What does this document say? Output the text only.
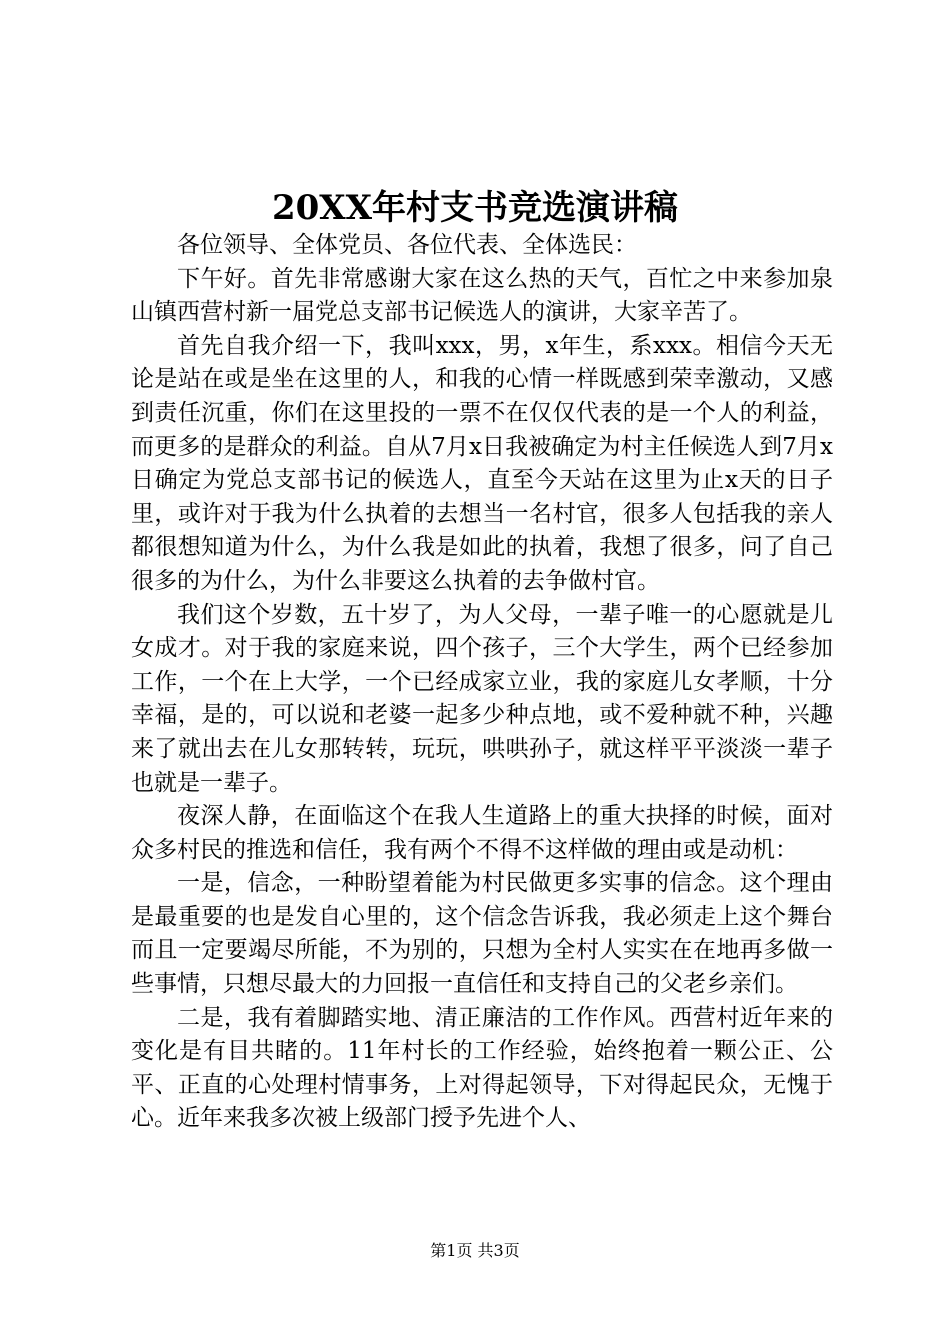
20XX年村支书竞选演讲稿

各位领导、全体党员、各位代表、全体选民：

下午好。首先非常感谢大家在这么热的天气，百忙之中来参加泉山镇西营村新一届党总支部书记候选人的演讲，大家辛苦了。

首先自我介绍一下，我叫xxx，男，x年生，系xxx。相信今天无论是站在或是坐在这里的人，和我的心情一样既感到荣幸激动，又感到责任沉重，你们在这里投的一票不在仅仅代表的是一个人的利益，而更多的是群众的利益。自从7月x日我被确定为村主任候选人到7月x日确定为党总支部书记的候选人，直至今天站在这里为止x天的日子里，或许对于我为什么执着的去想当一名村官，很多人包括我的亲人都很想知道为什么，为什么我是如此的执着，我想了很多，问了自己很多的为什么，为什么非要这么执着的去争做村官。

我们这个岁数，五十岁了，为人父母，一辈子唯一的心愿就是儿女成才。对于我的家庭来说，四个孩子，三个大学生，两个已经参加工作，一个在上大学，一个已经成家立业，我的家庭儿女孝顺，十分幸福，是的，可以说和老婆一起多少种点地，或不爱种就不种，兴趣来了就出去在儿女那转转，玩玩，哄哄孙子，就这样平平淡淡一辈子也就是一辈子。

夜深人静，在面临这个在我人生道路上的重大抉择的时候，面对众多村民的推选和信任，我有两个不得不这样做的理由或是动机：

一是，信念，一种盼望着能为村民做更多实事的信念。这个理由是最重要的也是发自心里的，这个信念告诉我，我必须走上这个舞台而且一定要竭尽所能，不为别的，只想为全村人实实在在地再多做一些事情，只想尽最大的力回报一直信任和支持自己的父老乡亲们。

二是，我有着脚踏实地、清正廉洁的工作作风。西营村近年来的变化是有目共睹的。11年村长的工作经验，始终抱着一颗公正、公平、正直的心处理村情事务，上对得起领导，下对得起民众，无愧于心。近年来我多次被上级部门授予先进个人、

第1页 共3页
